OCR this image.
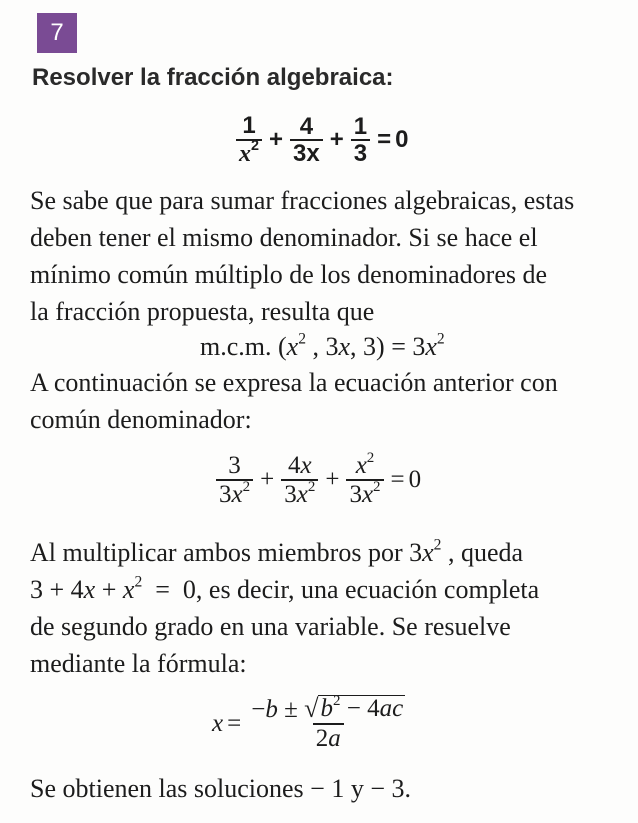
7
Resolver la fracción algebraica:
$\frac{1}{x^2} + \frac{4}{3x} + \frac{1}{3} = 0$
Se sabe que para sumar fracciones algebraicas, estas
deben tener el mismo denominador. Si se hace el
mínimo común múltiplo de los denominadores de
la fracción propuesta, resulta que
m.c.m. ($x^2$ , 3x, $3) = 3x^2$
A continuación se expresa la ecuación anterior con
común denominador:
$\frac{3}{3x^2} + \frac{4x}{3x^2} + \frac{x^2}{3x^2} = 0$
Al multiplicar ambos miembros por $3x^2$ , queda
$3 + 4x + x^2 = 0$, es decir, una ecuación completa
de segundo grado en una variable. Se resuelve
mediante la fórmula:
$x = \frac{-b \pm √ b^2 - 4ac}{2a}$
Se obtienen las soluciones − 1 y − 3.
